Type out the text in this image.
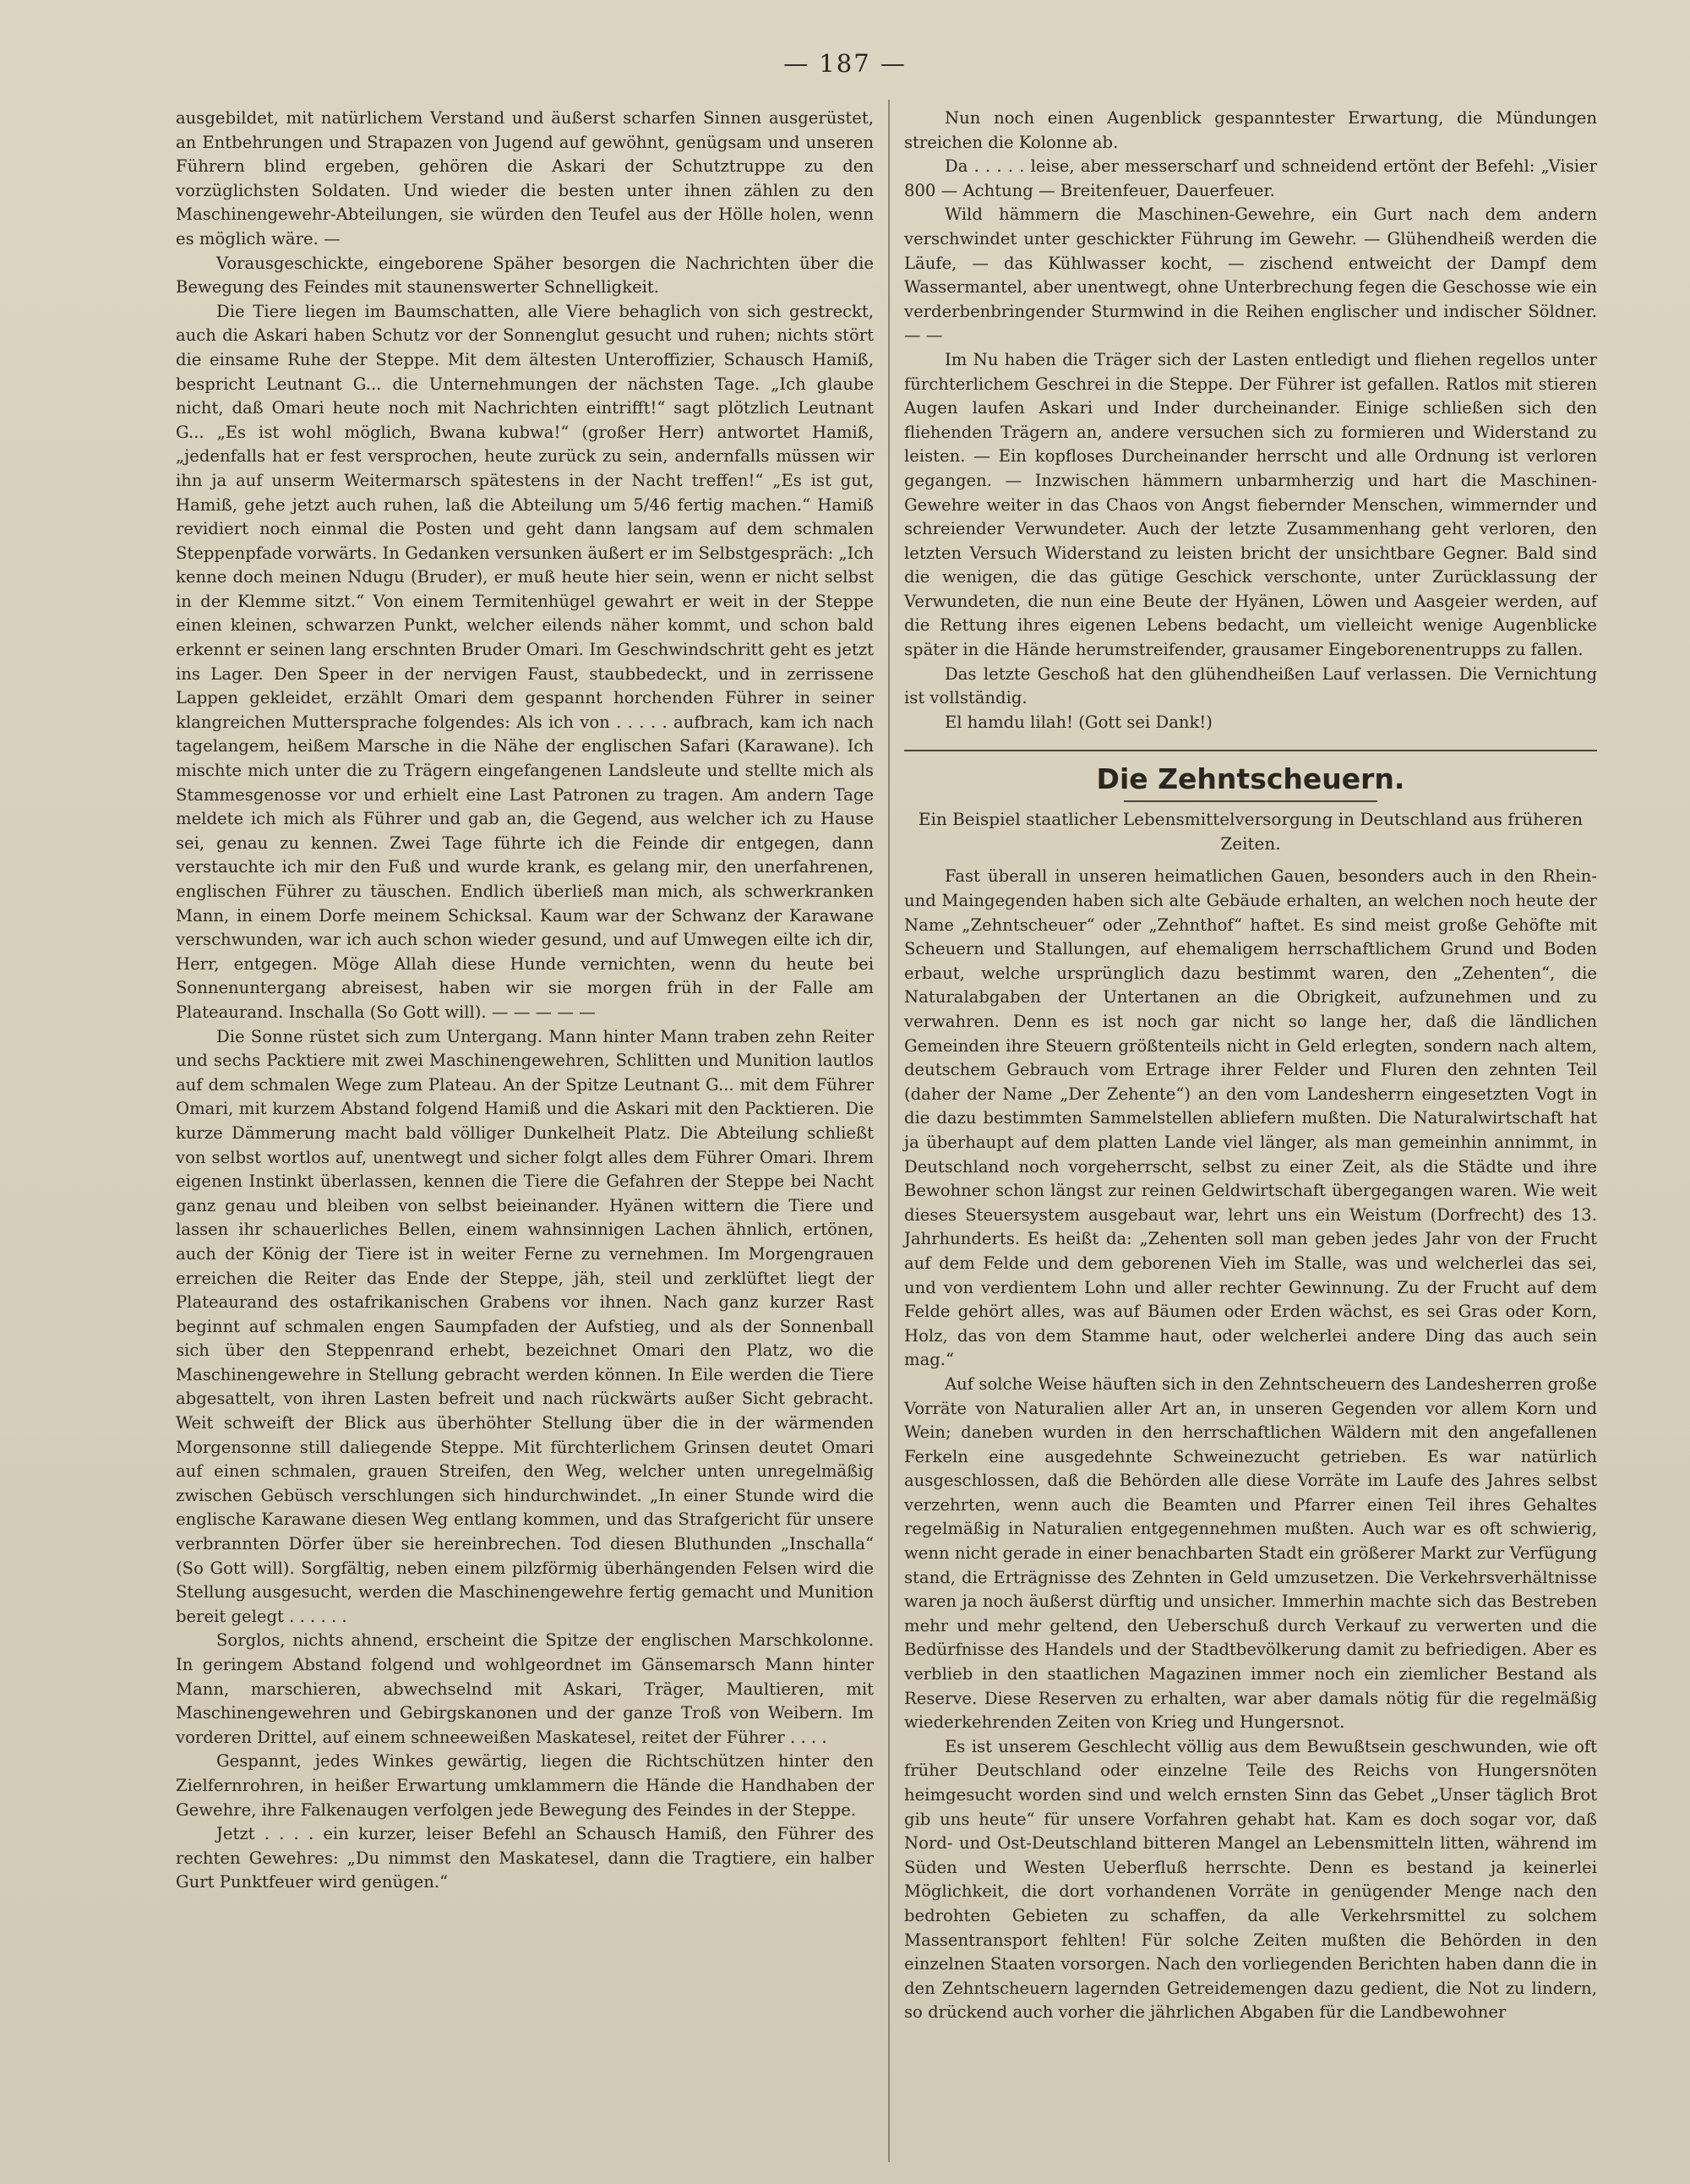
— 187 —

ausgebildet, mit natürlichem Verstand und äußerst scharfen Sinnen ausgerüstet, an Entbehrungen und Strapazen von Jugend auf gewöhnt, genügsam und unseren Führern blind ergeben, gehören die Askari der Schutztruppe zu den vorzüglichsten Soldaten. Und wieder die besten unter ihnen zählen zu den Maschinengewehr-Abteilungen, sie würden den Teufel aus der Hölle holen, wenn es möglich wäre. —

Vorausgeschickte, eingeborene Späher besorgen die Nachrichten über die Bewegung des Feindes mit staunenswerter Schnelligkeit.

Die Tiere liegen im Baumschatten, alle Viere behaglich von sich gestreckt, auch die Askari haben Schutz vor der Sonnenglut gesucht und ruhen; nichts stört die einsame Ruhe der Steppe. Mit dem ältesten Unteroffizier, Schausch Hamiß, bespricht Leutnant G... die Unternehmungen der nächsten Tage. „Ich glaube nicht, daß Omari heute noch mit Nachrichten eintrifft!“ sagt plötzlich Leutnant G... „Es ist wohl möglich, Bwana kubwa!“ (großer Herr) antwortet Hamiß, „jedenfalls hat er fest versprochen, heute zurück zu sein, andernfalls müssen wir ihn ja auf unserm Weitermarsch spätestens in der Nacht treffen!“ „Es ist gut, Hamiß, gehe jetzt auch ruhen, laß die Abteilung um 5/46 fertig machen.“ Hamiß revidiert noch einmal die Posten und geht dann langsam auf dem schmalen Steppenpfade vorwärts. In Gedanken versunken äußert er im Selbstgespräch: „Ich kenne doch meinen Ndugu (Bruder), er muß heute hier sein, wenn er nicht selbst in der Klemme sitzt.“ Von einem Termitenhügel gewahrt er weit in der Steppe einen kleinen, schwarzen Punkt, welcher eilends näher kommt, und schon bald erkennt er seinen lang erschnten Bruder Omari. Im Geschwindschritt geht es jetzt ins Lager. Den Speer in der nervigen Faust, staubbedeckt, und in zerrissene Lappen gekleidet, erzählt Omari dem gespannt horchenden Führer in seiner klangreichen Muttersprache folgendes: Als ich von . . . . . aufbrach, kam ich nach tagelangem, heißem Marsche in die Nähe der englischen Safari (Karawane). Ich mischte mich unter die zu Trägern eingefangenen Landsleute und stellte mich als Stammesgenosse vor und erhielt eine Last Patronen zu tragen. Am andern Tage meldete ich mich als Führer und gab an, die Gegend, aus welcher ich zu Hause sei, genau zu kennen. Zwei Tage führte ich die Feinde dir entgegen, dann verstauchte ich mir den Fuß und wurde krank, es gelang mir, den unerfahrenen, englischen Führer zu täuschen. Endlich überließ man mich, als schwerkranken Mann, in einem Dorfe meinem Schicksal. Kaum war der Schwanz der Karawane verschwunden, war ich auch schon wieder gesund, und auf Umwegen eilte ich dir, Herr, entgegen. Möge Allah diese Hunde vernichten, wenn du heute bei Sonnenuntergang abreisest, haben wir sie morgen früh in der Falle am Plateaurand. Inschalla (So Gott will). — — — — —

Die Sonne rüstet sich zum Untergang. Mann hinter Mann traben zehn Reiter und sechs Packtiere mit zwei Maschinengewehren, Schlitten und Munition lautlos auf dem schmalen Wege zum Plateau. An der Spitze Leutnant G... mit dem Führer Omari, mit kurzem Abstand folgend Hamiß und die Askari mit den Packtieren. Die kurze Dämmerung macht bald völliger Dunkelheit Platz. Die Abteilung schließt von selbst wortlos auf, unentwegt und sicher folgt alles dem Führer Omari. Ihrem eigenen Instinkt überlassen, kennen die Tiere die Gefahren der Steppe bei Nacht ganz genau und bleiben von selbst beieinander. Hyänen wittern die Tiere und lassen ihr schauerliches Bellen, einem wahnsinnigen Lachen ähnlich, ertönen, auch der König der Tiere ist in weiter Ferne zu vernehmen. Im Morgengrauen erreichen die Reiter das Ende der Steppe, jäh, steil und zerklüftet liegt der Plateaurand des ostafrikanischen Grabens vor ihnen. Nach ganz kurzer Rast beginnt auf schmalen engen Saumpfaden der Aufstieg, und als der Sonnenball sich über den Steppenrand erhebt, bezeichnet Omari den Platz, wo die Maschinengewehre in Stellung gebracht werden können. In Eile werden die Tiere abgesattelt, von ihren Lasten befreit und nach rückwärts außer Sicht gebracht. Weit schweift der Blick aus überhöhter Stellung über die in der wärmenden Morgensonne still daliegende Steppe. Mit fürchterlichem Grinsen deutet Omari auf einen schmalen, grauen Streifen, den Weg, welcher unten unregelmäßig zwischen Gebüsch verschlungen sich hindurchwindet. „In einer Stunde wird die englische Karawane diesen Weg entlang kommen, und das Strafgericht für unsere verbrannten Dörfer über sie hereinbrechen. Tod diesen Bluthunden „Inschalla“ (So Gott will). Sorgfältig, neben einem pilzförmig überhängenden Felsen wird die Stellung ausgesucht, werden die Maschinengewehre fertig gemacht und Munition bereit gelegt . . . . . .

Sorglos, nichts ahnend, erscheint die Spitze der englischen Marschkolonne. In geringem Abstand folgend und wohlgeordnet im Gänsemarsch Mann hinter Mann, marschieren, abwechselnd mit Askari, Träger, Maultieren, mit Maschinengewehren und Gebirgskanonen und der ganze Troß von Weibern. Im vorderen Drittel, auf einem schneeweißen Maskatesel, reitet der Führer . . . .

Gespannt, jedes Winkes gewärtig, liegen die Richtschützen hinter den Zielfernrohren, in heißer Erwartung umklammern die Hände die Handhaben der Gewehre, ihre Falkenaugen verfolgen jede Bewegung des Feindes in der Steppe.

Jetzt . . . . ein kurzer, leiser Befehl an Schausch Hamiß, den Führer des rechten Gewehres: „Du nimmst den Maskatesel, dann die Tragtiere, ein halber Gurt Punktfeuer wird genügen.“

Nun noch einen Augenblick gespanntester Erwartung, die Mündungen streichen die Kolonne ab.

Da . . . . . leise, aber messerscharf und schneidend ertönt der Befehl: „Visier 800 — Achtung — Breitenfeuer, Dauerfeuer.

Wild hämmern die Maschinen-Gewehre, ein Gurt nach dem andern verschwindet unter geschickter Führung im Gewehr. — Glühendheiß werden die Läufe, — das Kühlwasser kocht, — zischend entweicht der Dampf dem Wassermantel, aber unentwegt, ohne Unterbrechung fegen die Geschosse wie ein verderbenbringender Sturmwind in die Reihen englischer und indischer Söldner. — —

Im Nu haben die Träger sich der Lasten entledigt und fliehen regellos unter fürchterlichem Geschrei in die Steppe. Der Führer ist gefallen. Ratlos mit stieren Augen laufen Askari und Inder durcheinander. Einige schließen sich den fliehenden Trägern an, andere versuchen sich zu formieren und Widerstand zu leisten. — Ein kopfloses Durcheinander herrscht und alle Ordnung ist verloren gegangen. — Inzwischen hämmern unbarmherzig und hart die Maschinen-Gewehre weiter in das Chaos von Angst fiebernder Menschen, wimmernder und schreiender Verwundeter. Auch der letzte Zusammenhang geht verloren, den letzten Versuch Widerstand zu leisten bricht der unsichtbare Gegner. Bald sind die wenigen, die das gütige Geschick verschonte, unter Zurücklassung der Verwundeten, die nun eine Beute der Hyänen, Löwen und Aasgeier werden, auf die Rettung ihres eigenen Lebens bedacht, um vielleicht wenige Augenblicke später in die Hände herumstreifender, grausamer Eingeborenentrupps zu fallen.

Das letzte Geschoß hat den glühendheißen Lauf verlassen. Die Vernichtung ist vollständig.

El hamdu lilah! (Gott sei Dank!)

Die Zehntscheuern.

Ein Beispiel staatlicher Lebensmittelversorgung in Deutschland aus früheren Zeiten.

Fast überall in unseren heimatlichen Gauen, besonders auch in den Rhein- und Maingegenden haben sich alte Gebäude erhalten, an welchen noch heute der Name „Zehntscheuer“ oder „Zehnthof“ haftet. Es sind meist große Gehöfte mit Scheuern und Stallungen, auf ehemaligem herrschaftlichem Grund und Boden erbaut, welche ursprünglich dazu bestimmt waren, den „Zehenten“, die Naturalabgaben der Untertanen an die Obrigkeit, aufzunehmen und zu verwahren. Denn es ist noch gar nicht so lange her, daß die ländlichen Gemeinden ihre Steuern größtenteils nicht in Geld erlegten, sondern nach altem, deutschem Gebrauch vom Ertrage ihrer Felder und Fluren den zehnten Teil (daher der Name „Der Zehente“) an den vom Landesherrn eingesetzten Vogt in die dazu bestimmten Sammelstellen abliefern mußten. Die Naturalwirtschaft hat ja überhaupt auf dem platten Lande viel länger, als man gemeinhin annimmt, in Deutschland noch vorgeherrscht, selbst zu einer Zeit, als die Städte und ihre Bewohner schon längst zur reinen Geldwirtschaft übergegangen waren. Wie weit dieses Steuersystem ausgebaut war, lehrt uns ein Weistum (Dorfrecht) des 13. Jahrhunderts. Es heißt da: „Zehenten soll man geben jedes Jahr von der Frucht auf dem Felde und dem geborenen Vieh im Stalle, was und welcherlei das sei, und von verdientem Lohn und aller rechter Gewinnung. Zu der Frucht auf dem Felde gehört alles, was auf Bäumen oder Erden wächst, es sei Gras oder Korn, Holz, das von dem Stamme haut, oder welcherlei andere Ding das auch sein mag.“

Auf solche Weise häuften sich in den Zehntscheuern des Landesherren große Vorräte von Naturalien aller Art an, in unseren Gegenden vor allem Korn und Wein; daneben wurden in den herrschaftlichen Wäldern mit den angefallenen Ferkeln eine ausgedehnte Schweinezucht getrieben. Es war natürlich ausgeschlossen, daß die Behörden alle diese Vorräte im Laufe des Jahres selbst verzehrten, wenn auch die Beamten und Pfarrer einen Teil ihres Gehaltes regelmäßig in Naturalien entgegennehmen mußten. Auch war es oft schwierig, wenn nicht gerade in einer benachbarten Stadt ein größerer Markt zur Verfügung stand, die Erträgnisse des Zehnten in Geld umzusetzen. Die Verkehrsverhältnisse waren ja noch äußerst dürftig und unsicher. Immerhin machte sich das Bestreben mehr und mehr geltend, den Ueberschuß durch Verkauf zu verwerten und die Bedürfnisse des Handels und der Stadtbevölkerung damit zu befriedigen. Aber es verblieb in den staatlichen Magazinen immer noch ein ziemlicher Bestand als Reserve. Diese Reserven zu erhalten, war aber damals nötig für die regelmäßig wiederkehrenden Zeiten von Krieg und Hungersnot.

Es ist unserem Geschlecht völlig aus dem Bewußtsein geschwunden, wie oft früher Deutschland oder einzelne Teile des Reichs von Hungersnöten heimgesucht worden sind und welch ernsten Sinn das Gebet „Unser täglich Brot gib uns heute“ für unsere Vorfahren gehabt hat. Kam es doch sogar vor, daß Nord- und Ost-Deutschland bitteren Mangel an Lebensmitteln litten, während im Süden und Westen Ueberfluß herrschte. Denn es bestand ja keinerlei Möglichkeit, die dort vorhandenen Vorräte in genügender Menge nach den bedrohten Gebieten zu schaffen, da alle Verkehrsmittel zu solchem Massentransport fehlten! Für solche Zeiten mußten die Behörden in den einzelnen Staaten vorsorgen. Nach den vorliegenden Berichten haben dann die in den Zehntscheuern lagernden Getreidemengen dazu gedient, die Not zu lindern, so drückend auch vorher die jährlichen Abgaben für die Landbewohner
